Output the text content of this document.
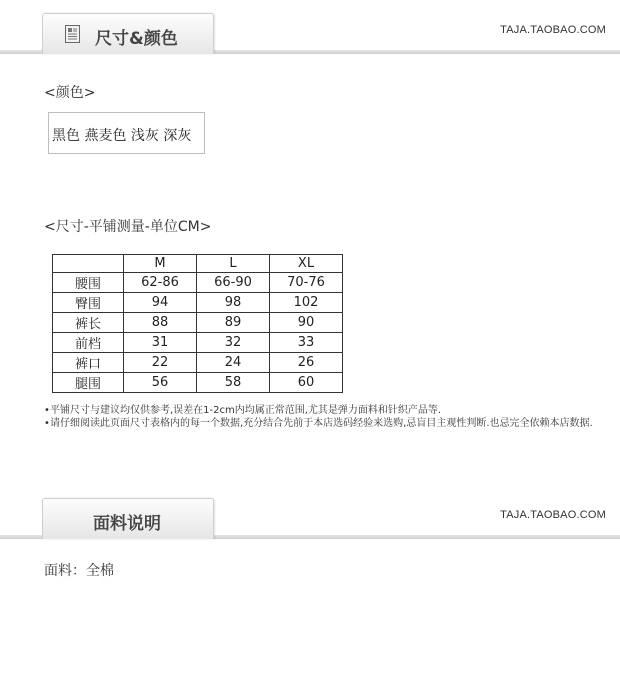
尺寸&颜色	TAJA.TAOBAO.COM
<颜色>
黑色 燕麦色 浅灰 深灰
<尺寸-平铺测量-单位CM>
	M	L	XL
腰围	62-86	66-90	70-76
臀围	94	98	102
裤长	88	89	90
前档	31	32	33
裤口	22	24	26
腿围	56	58	60
• 平铺尺寸与建议均仅供参考,误差在1-2cm内均属正常范围,尤其是弹力面料和针织产品等.
• 请仔细阅读此页面尺寸表格内的每一个数据,充分结合先前于本店选码经验来选购,忌盲目主观性判断.也忌完全依赖本店数据.
面料说明	TAJA.TAOBAO.COM
面料：全棉
